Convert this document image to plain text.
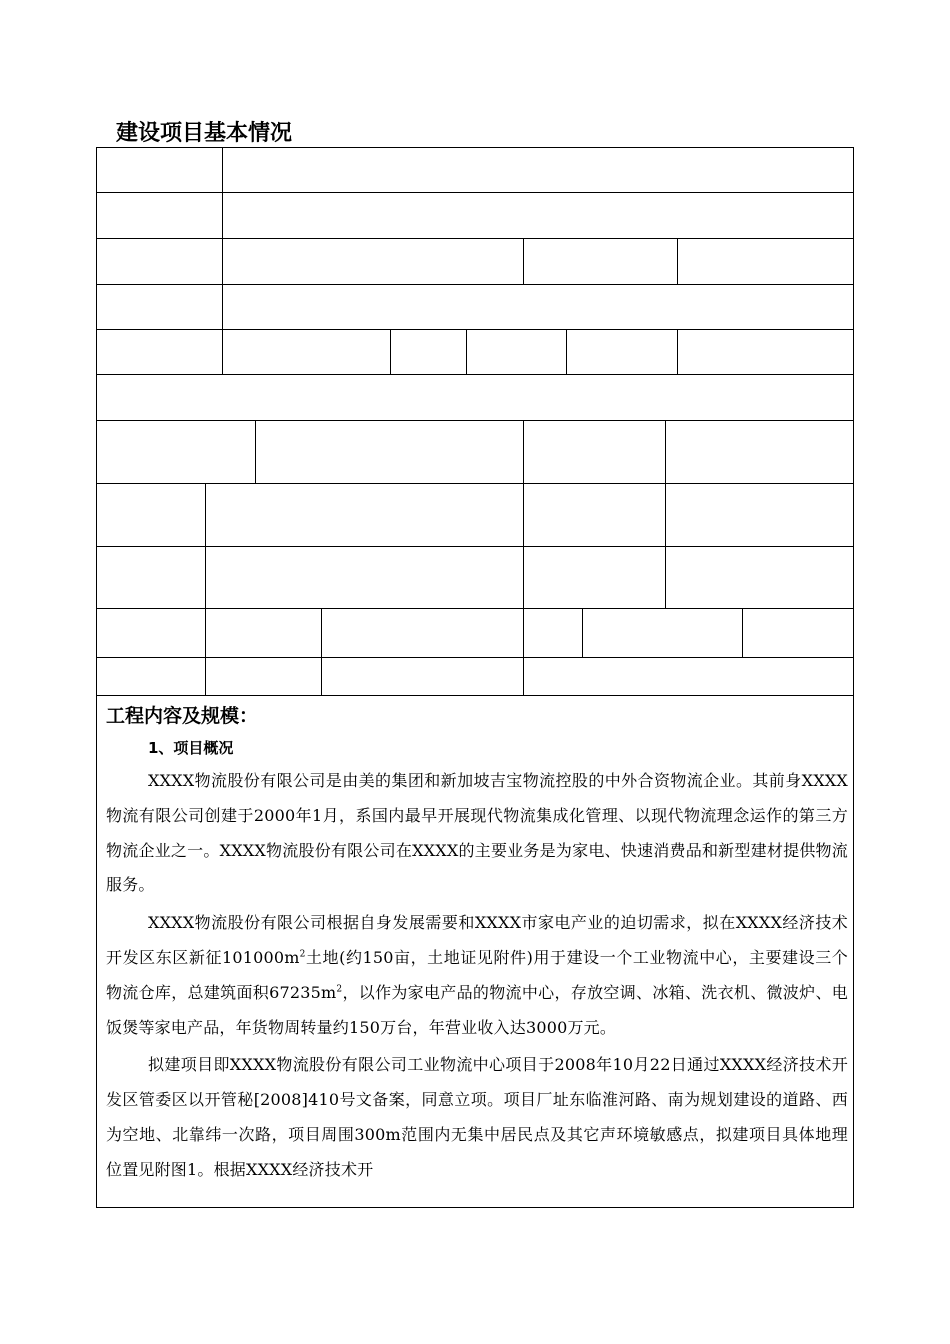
建设项目基本情况
工程内容及规模：
1、项目概况

XXXX物流股份有限公司是由美的集团和新加坡吉宝物流控股的中外合资物流企业。其前身XXXX物流有限公司创建于2000年1月，系国内最早开展现代物流集成化管理、以现代物流理念运作的第三方物流企业之一。XXXX物流股份有限公司在XXXX的主要业务是为家电、快速消费品和新型建材提供物流服务。

XXXX物流股份有限公司根据自身发展需要和XXXX市家电产业的迫切需求，拟在XXXX经济技术开发区东区新征$101000m^2$土地(约150亩，土地证见附件)用于建设一个工业物流中心，主要建设三个物流仓库，总建筑面积$67235m^2$，以作为家电产品的物流中心，存放空调、冰箱、洗衣机、微波炉、电饭煲等家电产品，年货物周转量约150万台，年营业收入达3000万元。

拟建项目即XXXX物流股份有限公司工业物流中心项目于2008年10月22日通过XXXX经济技术开发区管委区以开管秘[2008]410号文备案，同意立项。项目厂址东临淮河路、南为规划建设的道路、西为空地、北靠纬一次路，项目周围300m范围内无集中居民点及其它声环境敏感点，拟建项目具体地理位置见附图1。根据XXXX经济技术开
